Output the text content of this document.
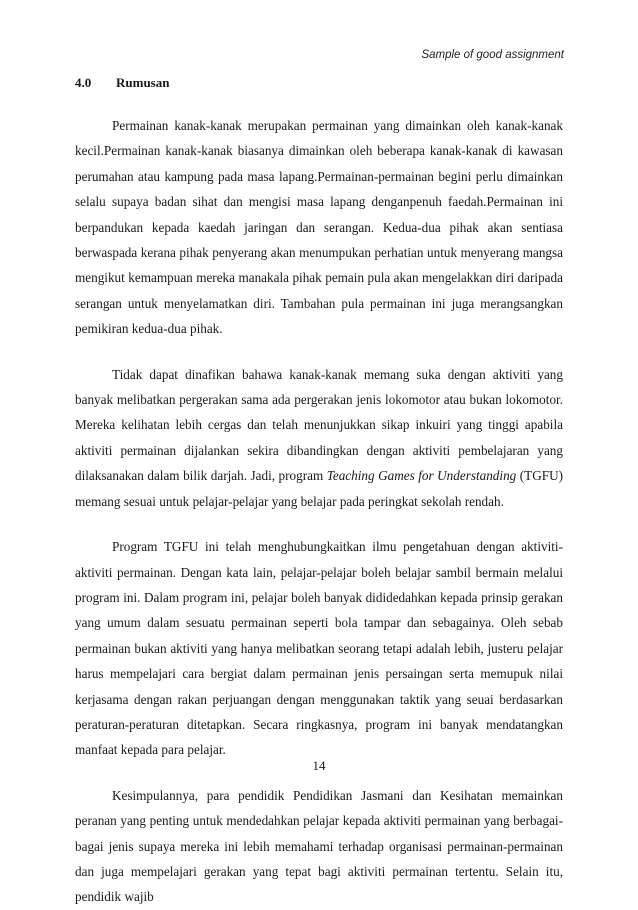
Sample of good assignment
4.0 Rumusan

Permainan kanak-kanak merupakan permainan yang dimainkan oleh kanak-kanak kecil.Permainan kanak-kanak biasanya dimainkan oleh beberapa kanak-kanak di kawasan perumahan atau kampung pada masa lapang.Permainan-permainan begini perlu dimainkan selalu supaya badan sihat dan mengisi masa lapang denganpenuh faedah.Permainan ini berpandukan kepada kaedah jaringan dan serangan. Kedua-dua pihak akan sentiasa berwaspada kerana pihak penyerang akan menumpukan perhatian untuk menyerang mangsa mengikut kemampuan mereka manakala pihak pemain pula akan mengelakkan diri daripada serangan untuk menyelamatkan diri. Tambahan pula permainan ini juga merangsangkan pemikiran kedua-dua pihak.

Tidak dapat dinafikan bahawa kanak-kanak memang suka dengan aktiviti yang banyak melibatkan pergerakan sama ada pergerakan jenis lokomotor atau bukan lokomotor. Mereka kelihatan lebih cergas dan telah menunjukkan sikap inkuiri yang tinggi apabila aktiviti permainan dijalankan sekira dibandingkan dengan aktiviti pembelajaran yang dilaksanakan dalam bilik darjah. Jadi, program Teaching Games for Understanding (TGFU) memang sesuai untuk pelajar-pelajar yang belajar pada peringkat sekolah rendah.

Program TGFU ini telah menghubungkaitkan ilmu pengetahuan dengan aktiviti- aktiviti permainan. Dengan kata lain, pelajar-pelajar boleh belajar sambil bermain melalui program ini. Dalam program ini, pelajar boleh banyak dididedahkan kepada prinsip gerakan yang umum dalam sesuatu permainan seperti bola tampar dan sebagainya. Oleh sebab permainan bukan aktiviti yang hanya melibatkan seorang tetapi adalah lebih, justeru pelajar harus mempelajari cara bergiat dalam permainan jenis persaingan serta memupuk nilai kerjasama dengan rakan perjuangan dengan menggunakan taktik yang seuai berdasarkan peraturan-peraturan ditetapkan. Secara ringkasnya, program ini banyak mendatangkan manfaat kepada para pelajar.

Kesimpulannya, para pendidik Pendidikan Jasmani dan Kesihatan memainkan peranan yang penting untuk mendedahkan pelajar kepada aktiviti permainan yang berbagai-bagai jenis supaya mereka ini lebih memahami terhadap organisasi permainan-permainan dan juga mempelajari gerakan yang tepat bagi aktiviti permainan tertentu. Selain itu, pendidik wajib

14
